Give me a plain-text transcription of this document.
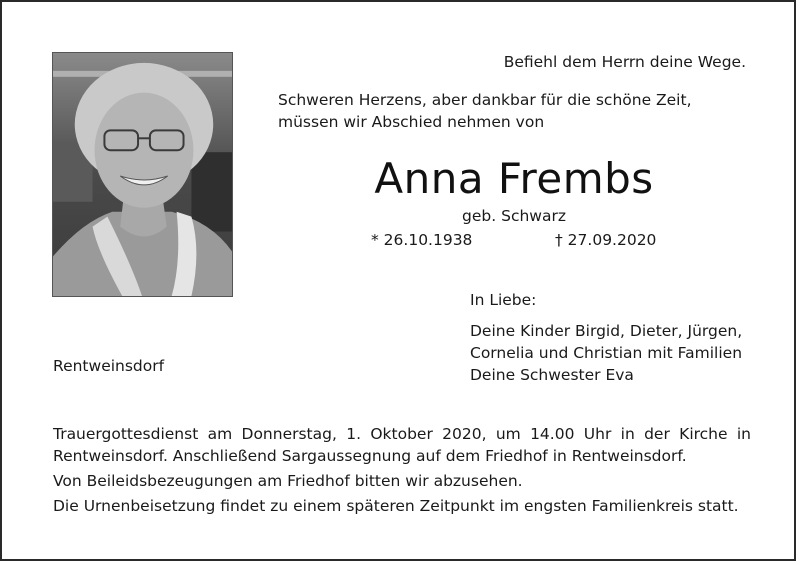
Befiehl dem Herrn deine Wege.
Schweren Herzens, aber dankbar für die schöne Zeit,
müssen wir Abschied nehmen von
Anna Frembs
geb. Schwarz
* 26.10.1938	† 27.09.2020
In Liebe:
Deine Kinder Birgid, Dieter, Jürgen,
Cornelia und Christian mit Familien
Deine Schwester Eva
Rentweinsdorf

Trauergottesdienst am Donnerstag, 1. Oktober 2020, um 14.00 Uhr in der Kirche in

Rentweinsdorf. Anschließend Sargaussegnung auf dem Friedhof in Rentweinsdorf.

Von Beileidsbezeugungen am Friedhof bitten wir abzusehen.

Die Urnenbeisetzung findet zu einem späteren Zeitpunkt im engsten Familienkreis statt.
